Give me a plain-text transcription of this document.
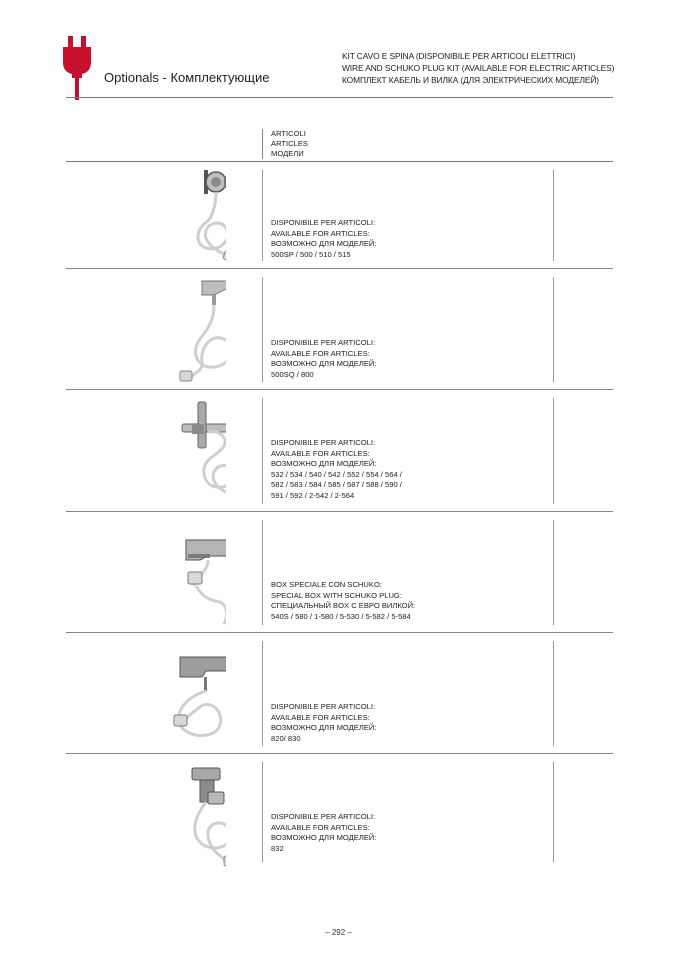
Optionals - Комплектующие
KIT CAVO E SPINA (DISPONIBILE PER ARTICOLI ELETTRICI)
WIRE AND SCHUKO PLUG KIT (AVAILABLE FOR ELECTRIC ARTICLES)
КОМПЛЕКТ КАБЕЛЬ И ВИЛКА (ДЛЯ ЭЛЕКТРИЧЕСКИХ МОДЕЛЕЙ)
ARTICOLI
ARTICLES
МОДЕЛИ
DISPONIBILE PER ARTICOLI:
AVAILABLE FOR ARTICLES:
ВОЗМОЖНО ДЛЯ МОДЕЛЕЙ:
500SP / 500 / 510 / 515
DISPONIBILE PER ARTICOLI:
AVAILABLE FOR ARTICLES:
ВОЗМОЖНО ДЛЯ МОДЕЛЕЙ:
500SQ / 800
DISPONIBILE PER ARTICOLI:
AVAILABLE FOR ARTICLES:
ВОЗМОЖНО ДЛЯ МОДЕЛЕЙ:
532 / 534 / 540 / 542 / 552 / 554 / 564 /
582 / 583 / 584 / 585 / 587 / 588 / 590 /
591 / 592 / 2-542 / 2-564
BOX SPECIALE CON SCHUKO:
SPECIAL BOX WITH SCHUKO PLUG:
СПЕЦИАЛЬНЫЙ BOX С ЕВРО ВИЛКОЙ:
540S / 580 / 1-580 / 5-530 / 5-582 / 5-584
DISPONIBILE PER ARTICOLI:
AVAILABLE FOR ARTICLES:
ВОЗМОЖНО ДЛЯ МОДЕЛЕЙ:
820/ 830
DISPONIBILE PER ARTICOLI:
AVAILABLE FOR ARTICLES:
ВОЗМОЖНО ДЛЯ МОДЕЛЕЙ:
832
– 292 –
